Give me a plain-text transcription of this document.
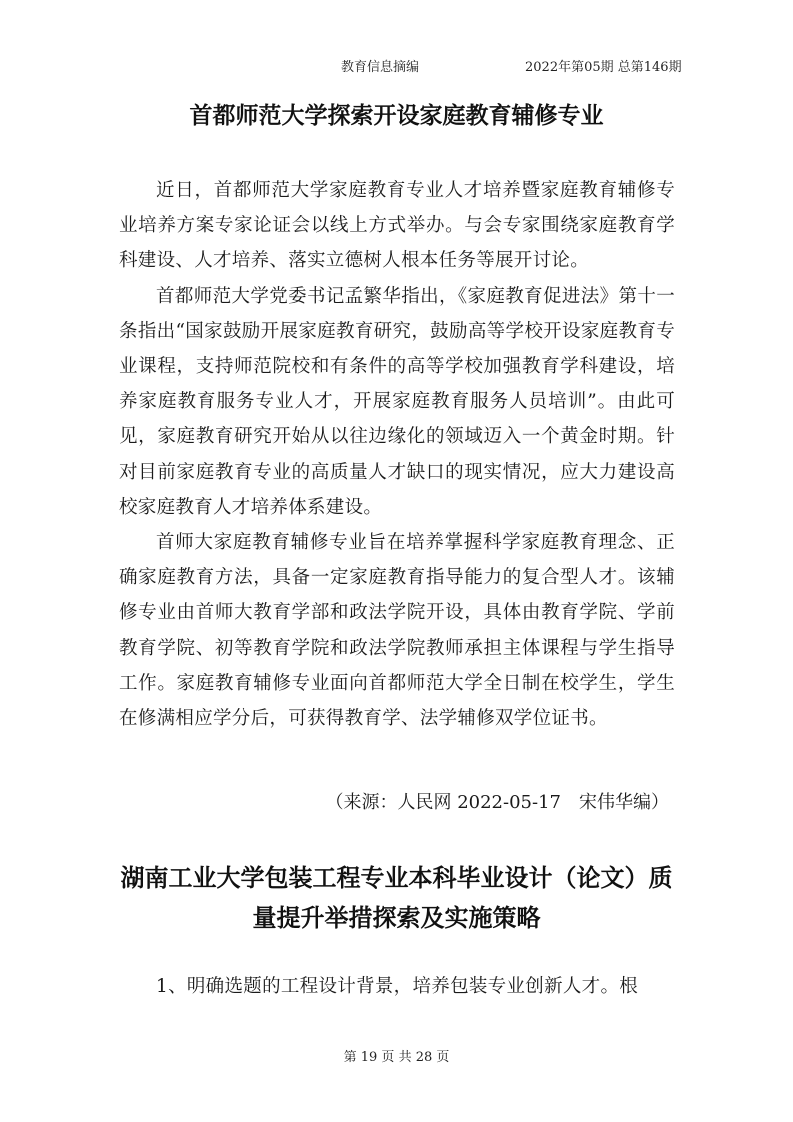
教育信息摘编	2022年第05期 总第146期
首都师范大学探索开设家庭教育辅修专业

近日，首都师范大学家庭教育专业人才培养暨家庭教育辅修专业培养方案专家论证会以线上方式举办。与会专家围绕家庭教育学科建设、人才培养、落实立德树人根本任务等展开讨论。

首都师范大学党委书记孟繁华指出，《家庭教育促进法》第十一条指出“国家鼓励开展家庭教育研究，鼓励高等学校开设家庭教育专业课程，支持师范院校和有条件的高等学校加强教育学科建设，培养家庭教育服务专业人才，开展家庭教育服务人员培训”。由此可见，家庭教育研究开始从以往边缘化的领域迈入一个黄金时期。针对目前家庭教育专业的高质量人才缺口的现实情况，应大力建设高校家庭教育人才培养体系建设。

首师大家庭教育辅修专业旨在培养掌握科学家庭教育理念、正确家庭教育方法，具备一定家庭教育指导能力的复合型人才。该辅修专业由首师大教育学部和政法学院开设，具体由教育学院、学前教育学院、初等教育学院和政法学院教师承担主体课程与学生指导工作。家庭教育辅修专业面向首都师范大学全日制在校学生，学生在修满相应学分后，可获得教育学、法学辅修双学位证书。

（来源：人民网 2022-05-17　宋伟华编）
湖南工业大学包装工程专业本科毕业设计（论文）质
量提升举措探索及实施策略

1、明确选题的工程设计背景，培养包装专业创新人才。根

第 19 页 共 28 页
